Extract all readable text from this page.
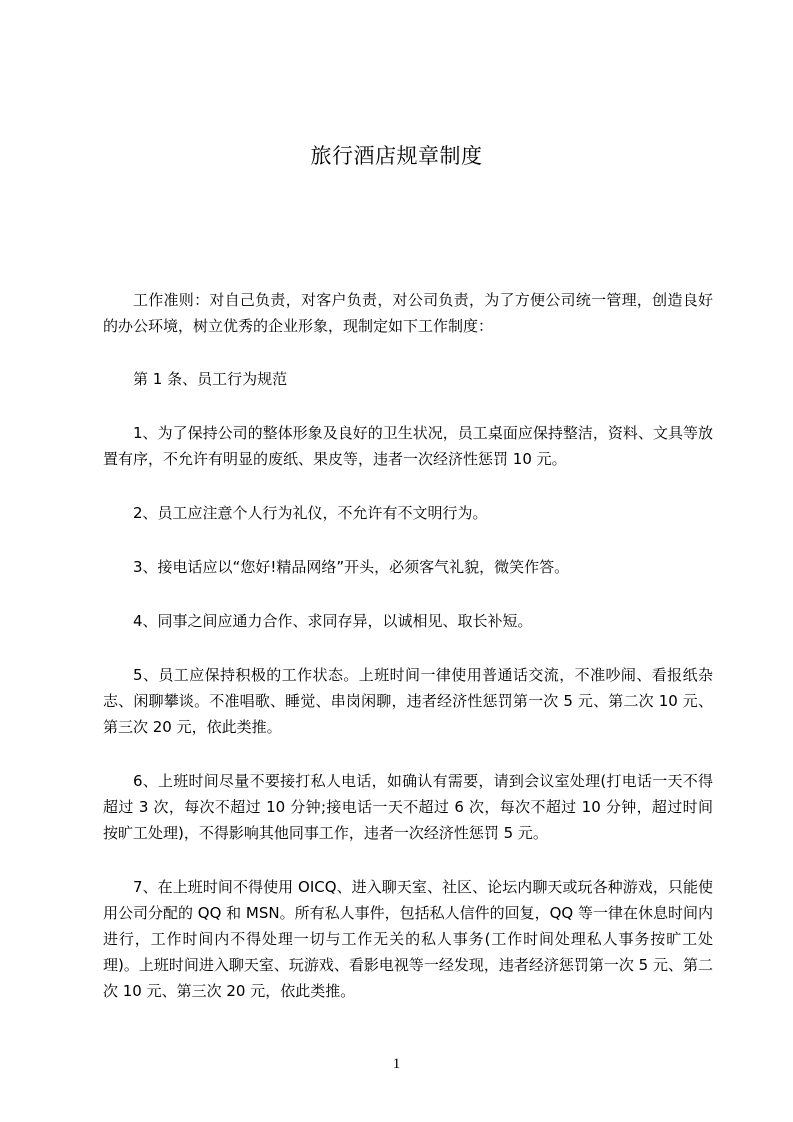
旅行酒店规章制度

工作准则：对自己负责，对客户负责，对公司负责，为了方便公司统一管理，创造良好的办公环境，树立优秀的企业形象，现制定如下工作制度：

第 1 条、员工行为规范

1、为了保持公司的整体形象及良好的卫生状况，员工桌面应保持整洁，资料、文具等放置有序，不允许有明显的废纸、果皮等，违者一次经济性惩罚 10 元。

2、员工应注意个人行为礼仪，不允许有不文明行为。

3、接电话应以“您好!精品网络”开头，必须客气礼貌，微笑作答。

4、同事之间应通力合作、求同存异，以诚相见、取长补短。

5、员工应保持积极的工作状态。上班时间一律使用普通话交流，不准吵闹、看报纸杂志、闲聊攀谈。不准唱歌、睡觉、串岗闲聊，违者经济性惩罚第一次 5 元、第二次 10 元、第三次 20 元，依此类推。

6、上班时间尽量不要接打私人电话，如确认有需要，请到会议室处理(打电话一天不得超过 3 次，每次不超过 10 分钟;接电话一天不超过 6 次，每次不超过 10 分钟，超过时间按旷工处理)，不得影响其他同事工作，违者一次经济性惩罚 5 元。

7、在上班时间不得使用 OICQ、进入聊天室、社区、论坛内聊天或玩各种游戏，只能使用公司分配的 QQ 和 MSN。所有私人事件，包括私人信件的回复，QQ 等一律在休息时间内进行，工作时间内不得处理一切与工作无关的私人事务(工作时间处理私人事务按旷工处理)。上班时间进入聊天室、玩游戏、看影电视等一经发现，违者经济惩罚第一次 5 元、第二次 10 元、第三次 20 元，依此类推。

1
